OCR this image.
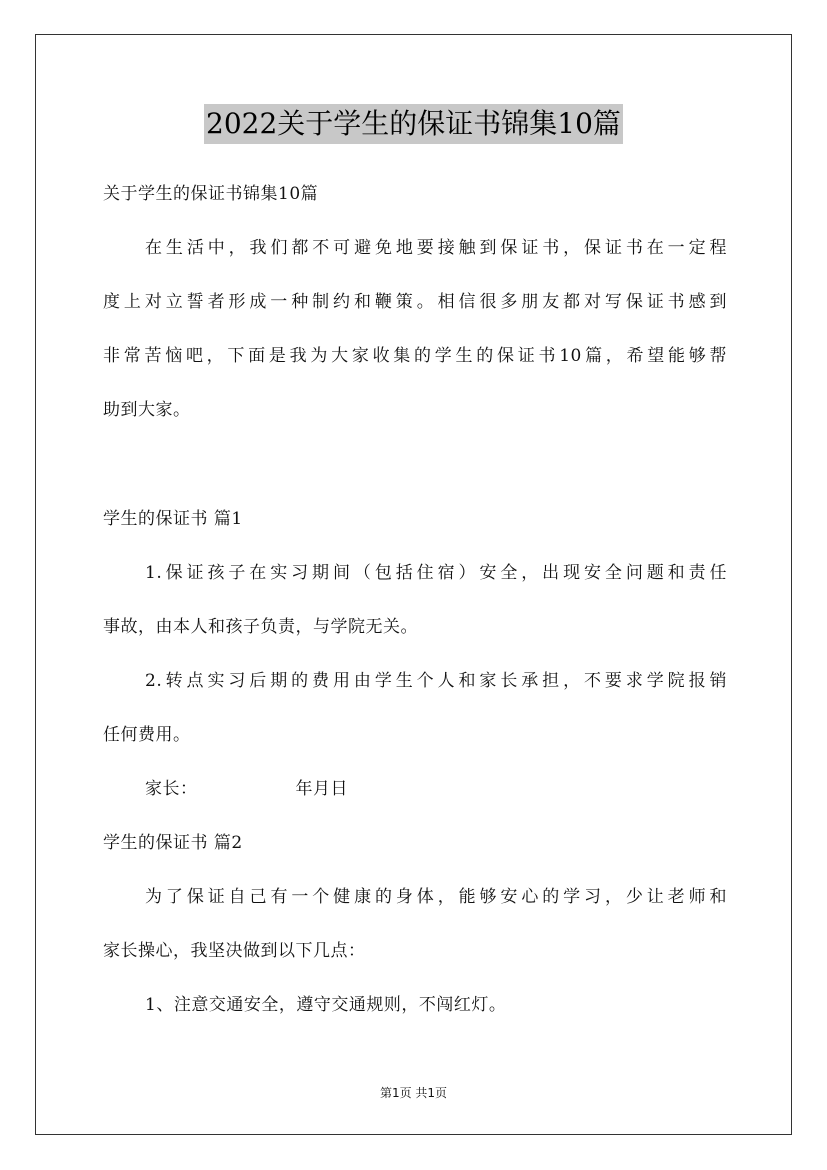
2022关于学生的保证书锦集10篇
关于学生的保证书锦集10篇
在生活中，我们都不可避免地要接触到保证书，保证书在一定程
度上对立誓者形成一种制约和鞭策。相信很多朋友都对写保证书感到
非常苦恼吧，下面是我为大家收集的学生的保证书10篇，希望能够帮
助到大家。
学生的保证书 篇1
1.保证孩子在实习期间（包括住宿）安全，出现安全问题和责任
事故，由本人和孩子负责，与学院无关。
2.转点实习后期的费用由学生个人和家长承担，不要求学院报销
任何费用。
家长：	年月日
学生的保证书 篇2
为了保证自己有一个健康的身体，能够安心的学习，少让老师和
家长操心，我坚决做到以下几点：
1、注意交通安全，遵守交通规则，不闯红灯。
第1页 共1页
